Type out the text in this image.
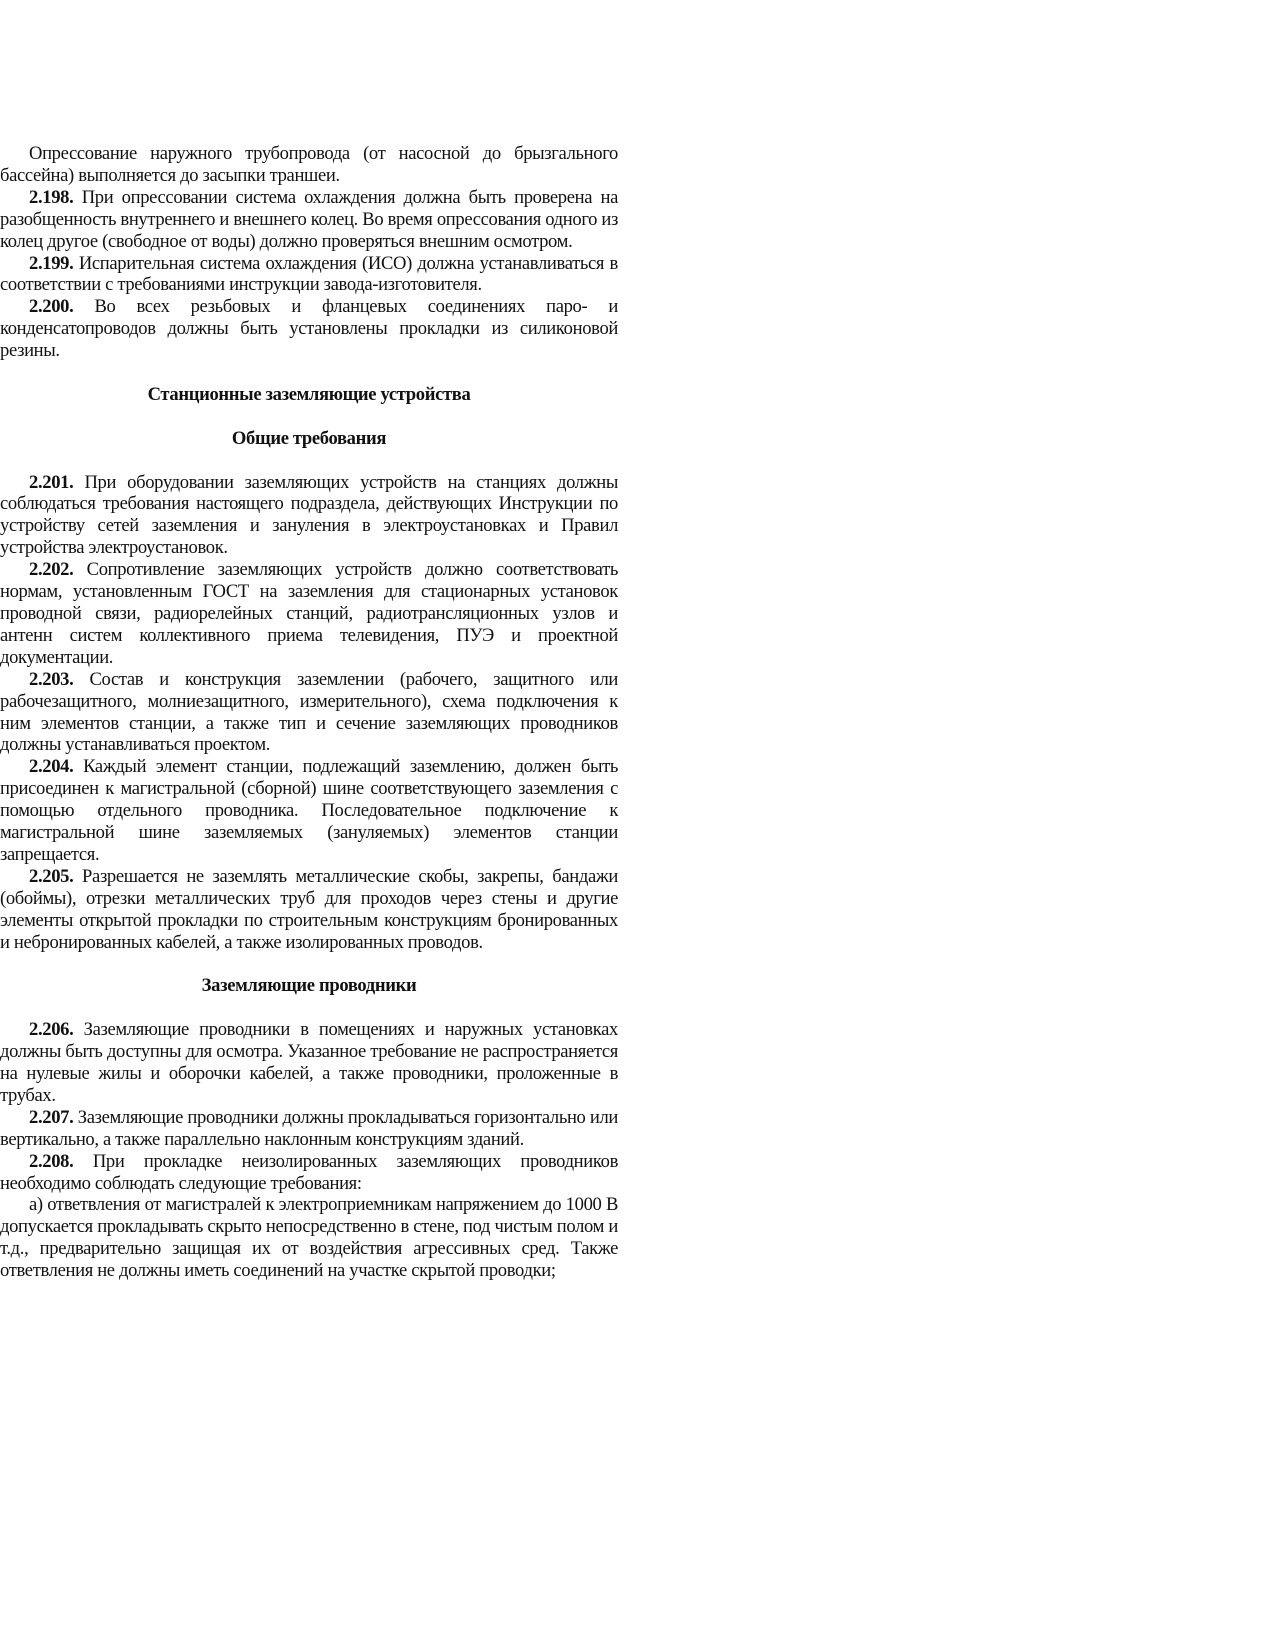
Опрессование наружного трубопровода (от насосной до брызгального бассейна) выполняется до засыпки траншеи.

2.198. При опрессовании система охлаждения должна быть проверена на разобщенность внутреннего и внешнего колец. Во время опрессования одного из колец другое (свободное от воды) должно проверяться внешним осмотром.

2.199. Испарительная система охлаждения (ИСО) должна устанавливаться в соответствии с требованиями инструкции завода-изготовителя.

2.200. Во всех резьбовых и фланцевых соединениях паро- и конденсатопроводов должны быть установлены прокладки из силиконовой резины.

Станционные заземляющие устройства
Общие требования

2.201. При оборудовании заземляющих устройств на станциях должны соблюдаться требования настоящего подраздела, действующих Инструкции по устройству сетей заземления и зануления в электроустановках и Правил устройства электроустановок.

2.202. Сопротивление заземляющих устройств должно соответствовать нормам, установленным ГОСТ на заземления для стационарных установок проводной связи, радиорелейных станций, радиотрансляционных узлов и антенн систем коллективного приема телевидения, ПУЭ и проектной документации.

2.203. Состав и конструкция заземлении (рабочего, защитного или рабочезащитного, молниезащитного, измерительного), схема подключения к ним элементов станции, а также тип и сечение заземляющих проводников должны устанавливаться проектом.

2.204. Каждый элемент станции, подлежащий заземлению, должен быть присоединен к магистральной (сборной) шине соответствующего заземления с помощью отдельного проводника. Последовательное подключение к магистральной шине заземляемых (зануляемых) элементов станции запрещается.

2.205. Разрешается не заземлять металлические скобы, закрепы, бандажи (обоймы), отрезки металлических труб для проходов через стены и другие элементы открытой прокладки по строительным конструкциям бронированных и небронированных кабелей, а также изолированных проводов.

Заземляющие проводники

2.206. Заземляющие проводники в помещениях и наружных установках должны быть доступны для осмотра. Указанное требование не распространяется на нулевые жилы и оборочки кабелей, а также проводники, проложенные в трубах.

2.207. Заземляющие проводники должны прокладываться горизонтально или вертикально, а также параллельно наклонным конструкциям зданий.

2.208. При прокладке неизолированных заземляющих проводников необходимо соблюдать следующие требования:

а) ответвления от магистралей к электроприемникам напряжением до 1000 В допускается прокладывать скрыто непосредственно в стене, под чистым полом и т.д., предварительно защищая их от воздействия агрессивных сред. Также ответвления не должны иметь соединений на участке скрытой проводки;
